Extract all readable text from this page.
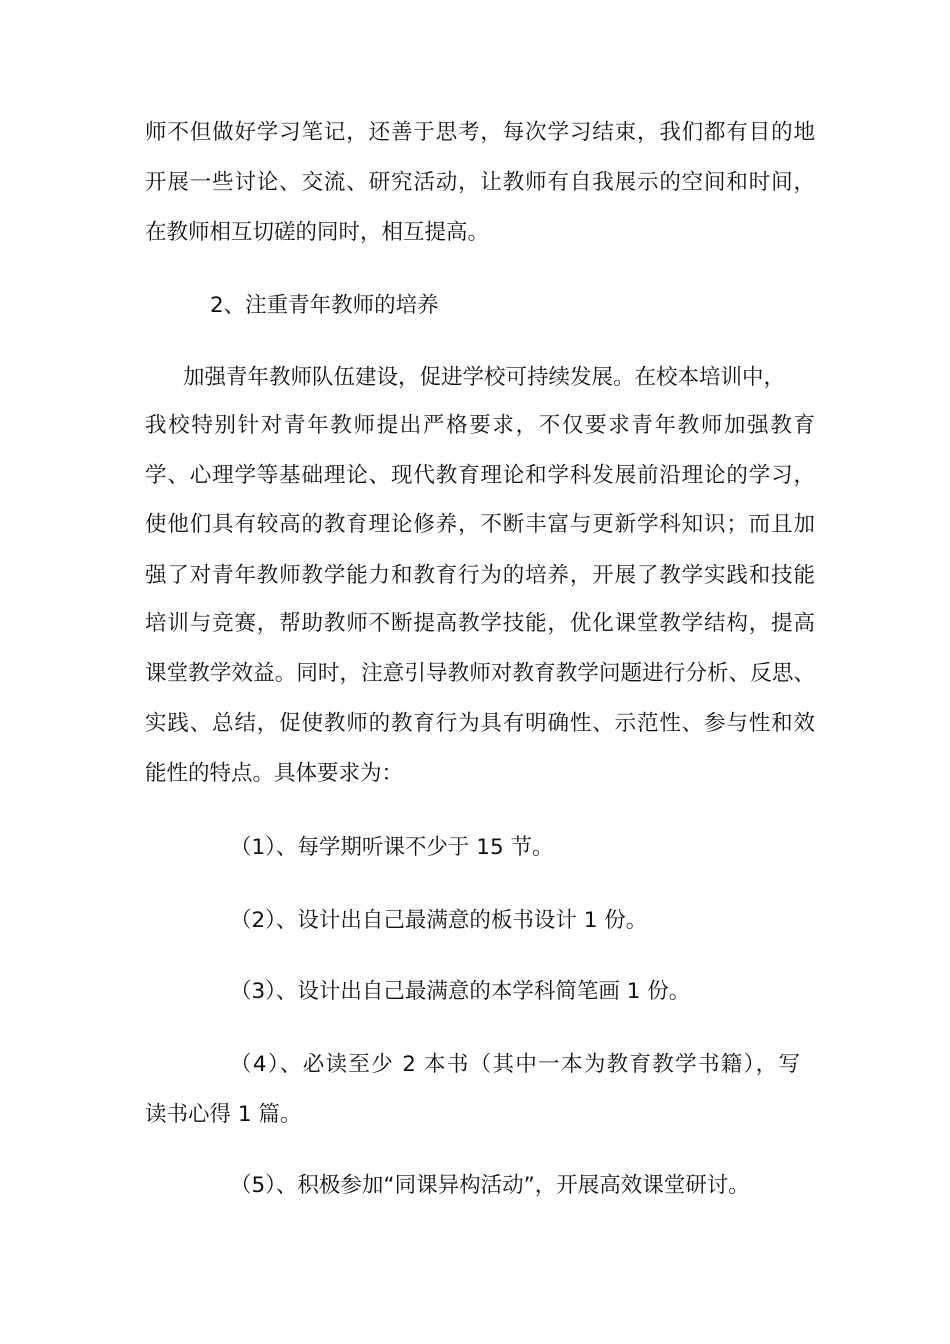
师不但做好学习笔记，还善于思考，每次学习结束，我们都有目的地
开展一些讨论、交流、研究活动，让教师有自我展示的空间和时间，
在教师相互切磋的同时，相互提高。
2、注重青年教师的培养
加强青年教师队伍建设，促进学校可持续发展。在校本培训中，
我校特别针对青年教师提出严格要求，不仅要求青年教师加强教育
学、心理学等基础理论、现代教育理论和学科发展前沿理论的学习，
使他们具有较高的教育理论修养，不断丰富与更新学科知识；而且加
强了对青年教师教学能力和教育行为的培养，开展了教学实践和技能
培训与竞赛，帮助教师不断提高教学技能，优化课堂教学结构，提高
课堂教学效益。同时，注意引导教师对教育教学问题进行分析、反思、
实践、总结，促使教师的教育行为具有明确性、示范性、参与性和效
能性的特点。具体要求为：
（1）、每学期听课不少于 15 节。
（2）、设计出自己最满意的板书设计 1 份。
（3）、设计出自己最满意的本学科简笔画 1 份。
（4）、必读至少 2 本书（其中一本为教育教学书籍），写
读书心得 1 篇。
（5）、积极参加“同课异构活动”，开展高效课堂研讨。
